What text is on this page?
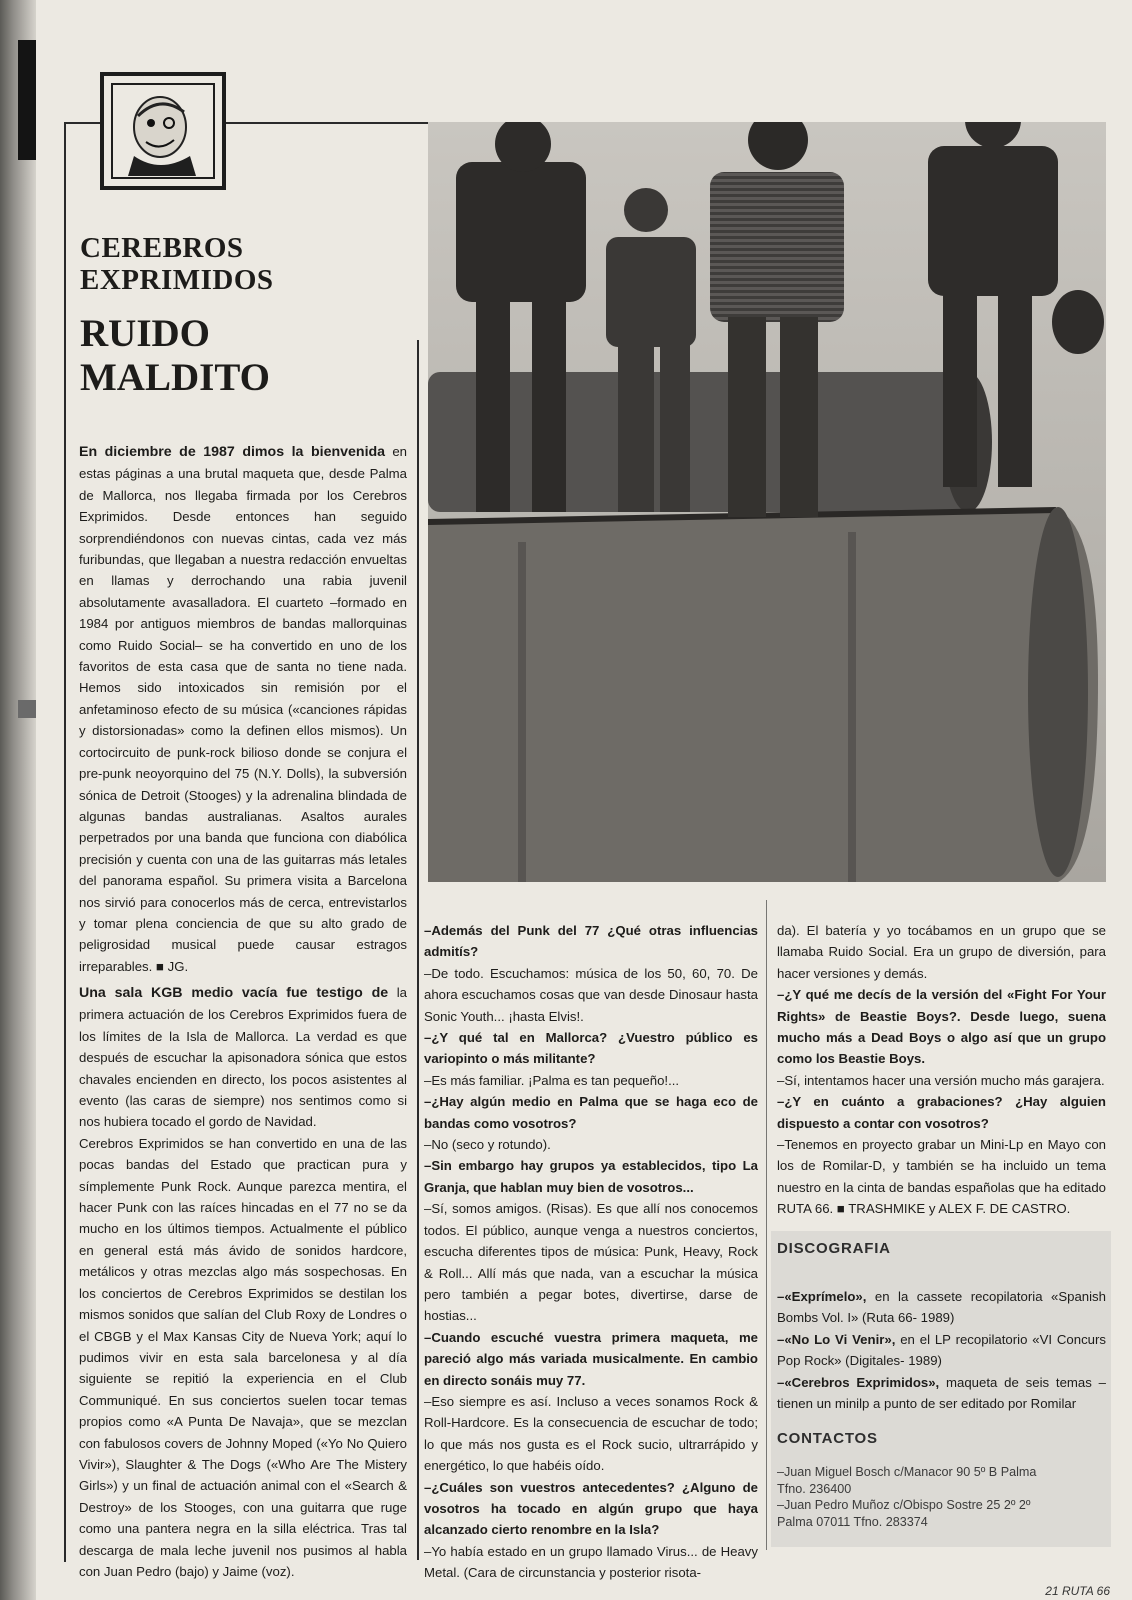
CEREBROS
EXPRIMIDOS
RUIDO
MALDITO
En diciembre de 1987 dimos la bienvenida en estas páginas a una brutal maqueta que, desde Palma de Mallorca, nos llegaba firmada por los Cerebros Exprimidos. Desde entonces han seguido sorprendiéndonos con nuevas cintas, cada vez más furibundas, que llegaban a nuestra redacción envueltas en llamas y derrochando una rabia juvenil absolutamente avasalladora. El cuarteto –formado en 1984 por antiguos miembros de bandas mallorquinas como Ruido Social– se ha convertido en uno de los favoritos de esta casa que de santa no tiene nada. Hemos sido intoxicados sin remisión por el anfetaminoso efecto de su música («canciones rápidas y distorsionadas» como la definen ellos mismos). Un cortocircuito de punk-rock bilioso donde se conjura el pre-punk neoyorquino del 75 (N.Y. Dolls), la subversión sónica de Detroit (Stooges) y la adrenalina blindada de algunas bandas australianas. Asaltos aurales perpetrados por una banda que funciona con diabólica precisión y cuenta con una de las guitarras más letales del panorama español. Su primera visita a Barcelona nos sirvió para conocerlos más de cerca, entrevistarlos y tomar plena conciencia de que su alto grado de peligrosidad musical puede causar estragos irreparables. ■ JG.

Una sala KGB medio vacía fue testigo de la primera actuación de los Cerebros Exprimidos fuera de los límites de la Isla de Mallorca. La verdad es que después de escuchar la apisonadora sónica que estos chavales encienden en directo, los pocos asistentes al evento (las caras de siempre) nos sentimos como si nos hubiera tocado el gordo de Navidad.

Cerebros Exprimidos se han convertido en una de las pocas bandas del Estado que practican pura y símplemente Punk Rock. Aunque parezca mentira, el hacer Punk con las raíces hincadas en el 77 no se da mucho en los últimos tiempos. Actualmente el público en general está más ávido de sonidos hardcore, metálicos y otras mezclas algo más sospechosas. En los conciertos de Cerebros Exprimidos se destilan los mismos sonidos que salían del Club Roxy de Londres o el CBGB y el Max Kansas City de Nueva York; aquí lo pudimos vivir en esta sala barcelonesa y al día siguiente se repitió la experiencia en el Club Communiqué. En sus conciertos suelen tocar temas propios como «A Punta De Navaja», que se mezclan con fabulosos covers de Johnny Moped («Yo No Quiero Vivir»), Slaughter & The Dogs («Who Are The Mistery Girls») y un final de actuación animal con el «Search & Destroy» de los Stooges, con una guitarra que ruge como una pantera negra en la silla eléctrica. Tras tal descarga de mala leche juvenil nos pusimos al habla con Juan Pedro (bajo) y Jaime (voz).

–Además del Punk del 77 ¿Qué otras influencias admitís?

–De todo. Escuchamos: música de los 50, 60, 70. De ahora escuchamos cosas que van desde Dinosaur hasta Sonic Youth... ¡hasta Elvis!.

–¿Y qué tal en Mallorca? ¿Vuestro público es variopinto o más militante?

–Es más familiar. ¡Palma es tan pequeño!...

–¿Hay algún medio en Palma que se haga eco de bandas como vosotros?

–No (seco y rotundo).

–Sin embargo hay grupos ya establecidos, tipo La Granja, que hablan muy bien de vosotros...

–Sí, somos amigos. (Risas). Es que allí nos conocemos todos. El público, aunque venga a nuestros conciertos, escucha diferentes tipos de música: Punk, Heavy, Rock & Roll... Allí más que nada, van a escuchar la música pero también a pegar botes, divertirse, darse de hostias...

–Cuando escuché vuestra primera maqueta, me pareció algo más variada musicalmente. En cambio en directo sonáis muy 77.

–Eso siempre es así. Incluso a veces sonamos Rock & Roll-Hardcore. Es la consecuencia de escuchar de todo; lo que más nos gusta es el Rock sucio, ultrarrápido y energético, lo que habéis oído.

–¿Cuáles son vuestros antecedentes? ¿Alguno de vosotros ha tocado en algún grupo que haya alcanzado cierto renombre en la Isla?

–Yo había estado en un grupo llamado Virus... de Heavy Metal. (Cara de circunstancia y posterior risota-

da). El batería y yo tocábamos en un grupo que se llamaba Ruido Social. Era un grupo de diversión, para hacer versiones y demás.

–¿Y qué me decís de la versión del «Fight For Your Rights» de Beastie Boys?. Desde luego, suena mucho más a Dead Boys o algo así que un grupo como los Beastie Boys.

–Sí, intentamos hacer una versión mucho más garajera.

–¿Y en cuánto a grabaciones? ¿Hay alguien dispuesto a contar con vosotros?

–Tenemos en proyecto grabar un Mini-Lp en Mayo con los de Romilar-D, y también se ha incluido un tema nuestro en la cinta de bandas españolas que ha editado RUTA 66. ■ TRASHMIKE y ALEX F. DE CASTRO.

DISCOGRAFIA

–«Exprímelo», en la cassete recopilatoria «Spanish Bombs Vol. I» (Ruta 66- 1989)

–«No Lo Vi Venir», en el LP recopilatorio «VI Concurs Pop Rock» (Digitales- 1989)

–«Cerebros Exprimidos», maqueta de seis temas –tienen un minilp a punto de ser editado por Romilar

CONTACTOS

–Juan Miguel Bosch c/Manacor 90 5º B Palma

Tfno. 236400

–Juan Pedro Muñoz c/Obispo Sostre 25 2º 2º

Palma 07011 Tfno. 283374

21 RUTA 66
